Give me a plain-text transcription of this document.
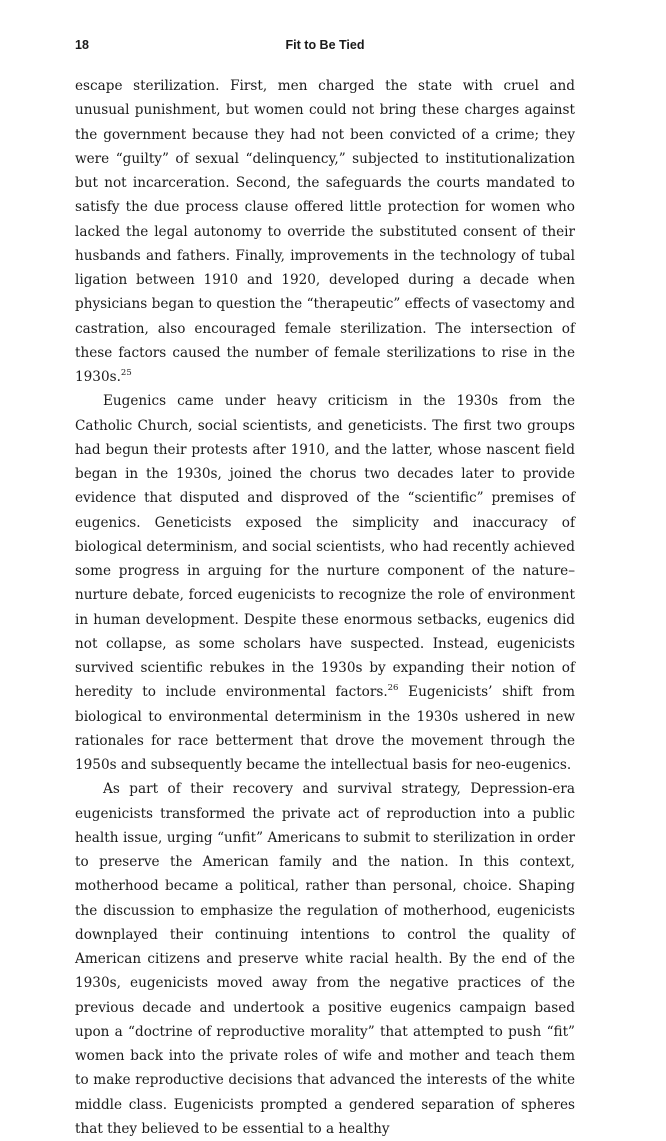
18	Fit to Be Tied

escape sterilization. First, men charged the state with cruel and unusual punishment, but women could not bring these charges against the government because they had not been convicted of a crime; they were “guilty” of sexual “delinquency,” subjected to institutionalization but not incarceration. Second, the safeguards the courts mandated to satisfy the due process clause offered little protection for women who lacked the legal autonomy to override the substituted consent of their husbands and fathers. Finally, improvements in the technology of tubal ligation between 1910 and 1920, developed during a decade when physicians began to question the “therapeutic” effects of vasectomy and castration, also encouraged female sterilization. The intersection of these factors caused the number of female sterilizations to rise in the 1930s.$^{25}$

Eugenics came under heavy criticism in the 1930s from the Catholic Church, social scientists, and geneticists. The first two groups had begun their protests after 1910, and the latter, whose nascent field began in the 1930s, joined the chorus two decades later to provide evidence that disputed and disproved of the “scientific” premises of eugenics. Geneticists exposed the simplicity and inaccuracy of biological determinism, and social scientists, who had recently achieved some progress in arguing for the nurture component of the nature–nurture debate, forced eugenicists to recognize the role of environment in human development. Despite these enormous setbacks, eugenics did not collapse, as some scholars have suspected. Instead, eugenicists survived scientific rebukes in the 1930s by expanding their notion of heredity to include environmental factors.$^{26}$ Eugenicists’ shift from biological to environmental determinism in the 1930s ushered in new rationales for race betterment that drove the movement through the 1950s and subsequently became the intellectual basis for neo-eugenics.

As part of their recovery and survival strategy, Depression-era eugenicists transformed the private act of reproduction into a public health issue, urging “unfit” Americans to submit to sterilization in order to preserve the American family and the nation. In this context, motherhood became a political, rather than personal, choice. Shaping the discussion to emphasize the regulation of motherhood, eugenicists downplayed their continuing intentions to control the quality of American citizens and preserve white racial health. By the end of the 1930s, eugenicists moved away from the negative practices of the previous decade and undertook a positive eugenics campaign based upon a “doctrine of reproductive morality” that attempted to push “fit” women back into the private roles of wife and mother and teach them to make reproductive decisions that advanced the interests of the white middle class. Eugenicists prompted a gendered separation of spheres that they believed to be essential to a healthy
